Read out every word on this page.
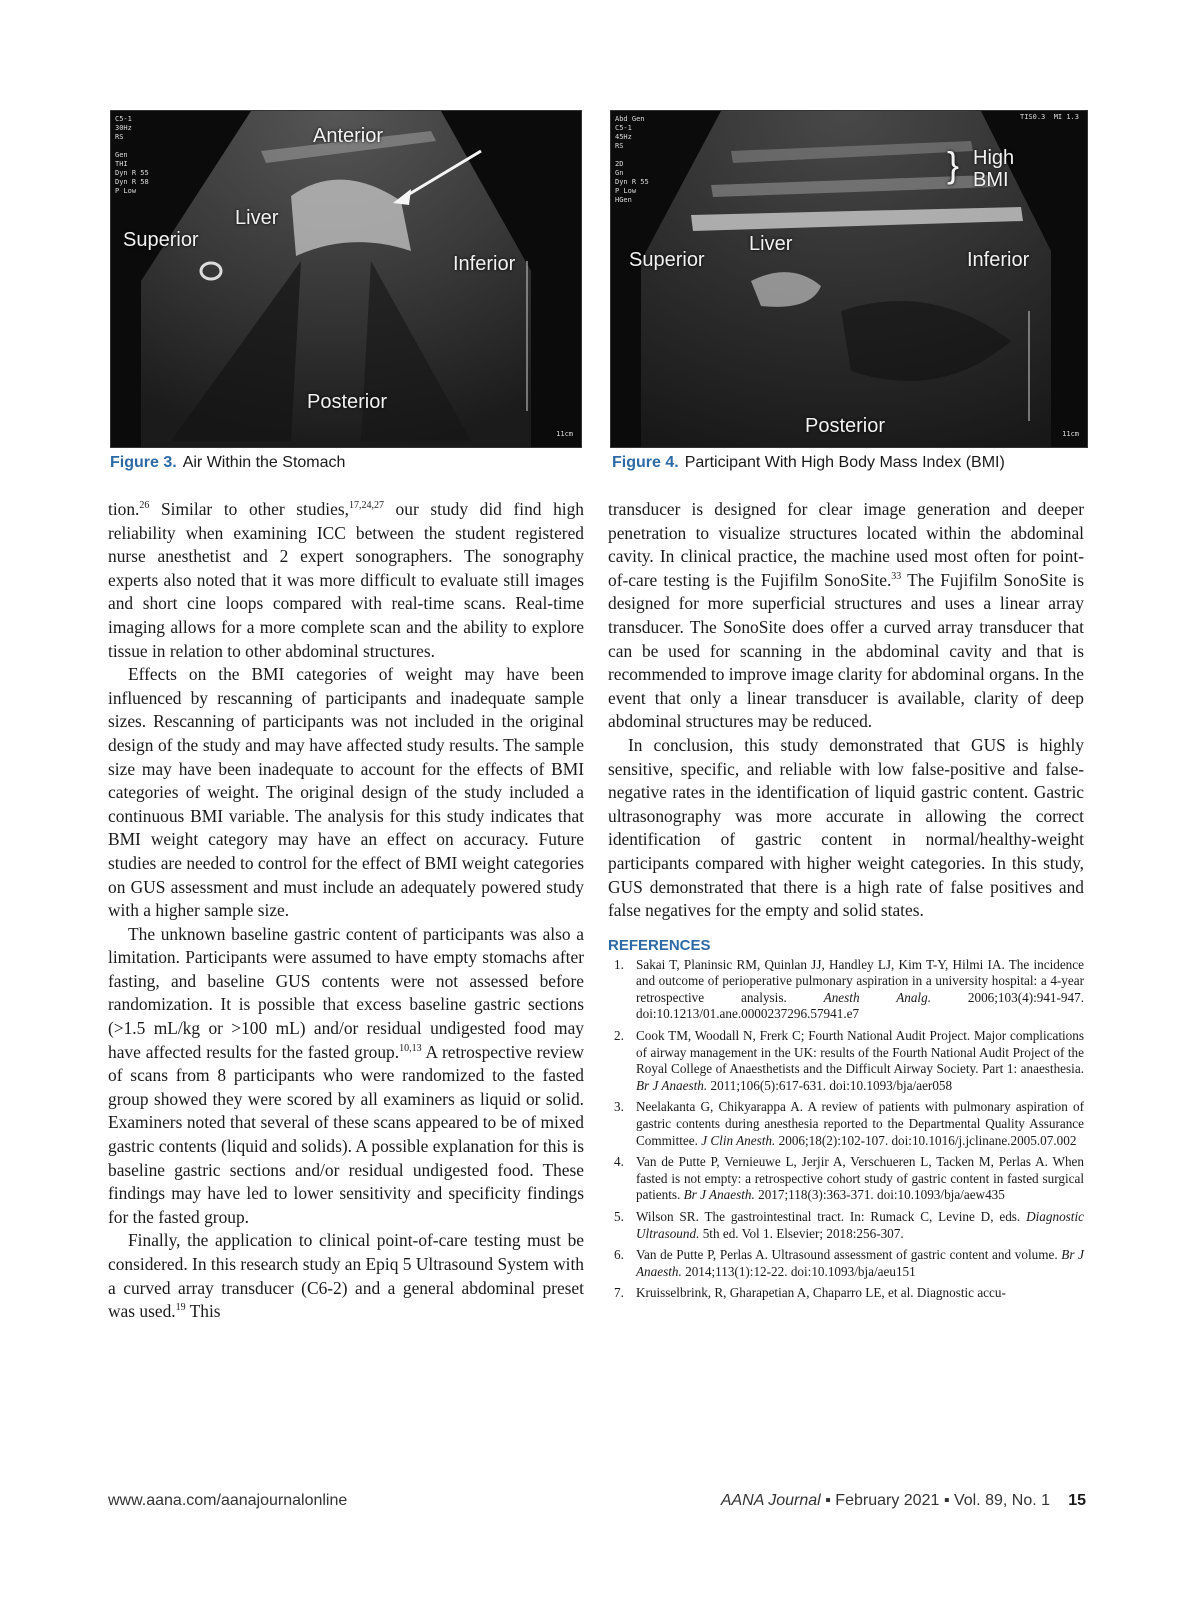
C5-1
30Hz
RS

Gen
THI
Dyn R 55
Dyn R 58
P Low
11cm
Anterior
Liver
Superior
Inferior
Posterior
Figure 3. Air Within the Stomach
Abd Gen
C5-1
45Hz
RS

2D
Gn
Dyn R 55
P Low
HGen
TIS0.3  MI 1.3
11cm
} High
BMI
Liver
Superior	Inferior
Posterior
Figure 4. Participant With High Body Mass Index (BMI)

tion.$^{26}$ Similar to other studies,$^{17,24,27}$ our study did find high reliability when examining ICC between the student registered nurse anesthetist and 2 expert sonographers. The sonography experts also noted that it was more difficult to evaluate still images and short cine loops compared with real-time scans. Real-time imaging allows for a more complete scan and the ability to explore tissue in relation to other abdominal structures.

Effects on the BMI categories of weight may have been influenced by rescanning of participants and inadequate sample sizes. Rescanning of participants was not included in the original design of the study and may have affected study results. The sample size may have been inadequate to account for the effects of BMI categories of weight. The original design of the study included a continuous BMI variable. The analysis for this study indicates that BMI weight category may have an effect on accuracy. Future studies are needed to control for the effect of BMI weight categories on GUS assessment and must include an adequately powered study with a higher sample size.

The unknown baseline gastric content of participants was also a limitation. Participants were assumed to have empty stomachs after fasting, and baseline GUS contents were not assessed before randomization. It is possible that excess baseline gastric sections (>1.5 mL/kg or >100 mL) and/or residual undigested food may have affected results for the fasted group.$^{10,13}$ A retrospective review of scans from 8 participants who were randomized to the fasted group showed they were scored by all examiners as liquid or solid. Examiners noted that several of these scans appeared to be of mixed gastric contents (liquid and solids). A possible explanation for this is baseline gastric sections and/or residual undigested food. These findings may have led to lower sensitivity and specificity findings for the fasted group.

Finally, the application to clinical point-of-care testing must be considered. In this research study an Epiq 5 Ultrasound System with a curved array transducer (C6-2) and a general abdominal preset was used.$^{19}$ This

transducer is designed for clear image generation and deeper penetration to visualize structures located within the abdominal cavity. In clinical practice, the machine used most often for point-of-care testing is the Fujifilm SonoSite.$^{33}$ The Fujifilm SonoSite is designed for more superficial structures and uses a linear array transducer. The SonoSite does offer a curved array transducer that can be used for scanning in the abdominal cavity and that is recommended to improve image clarity for abdominal organs. In the event that only a linear transducer is available, clarity of deep abdominal structures may be reduced.

In conclusion, this study demonstrated that GUS is highly sensitive, specific, and reliable with low false-positive and false-negative rates in the identification of liquid gastric content. Gastric ultrasonography was more accurate in allowing the correct identification of gastric content in normal/healthy-weight participants compared with higher weight categories. In this study, GUS demonstrated that there is a high rate of false positives and false negatives for the empty and solid states.

REFERENCES
1. Sakai T, Planinsic RM, Quinlan JJ, Handley LJ, Kim T-Y, Hilmi IA. The incidence and outcome of perioperative pulmonary aspiration in a university hospital: a 4-year retrospective analysis. Anesth Analg. 2006;103(4):941-947. doi:10.1213/01.ane.0000237296.57941.e7
2. Cook TM, Woodall N, Frerk C; Fourth National Audit Project. Major complications of airway management in the UK: results of the Fourth National Audit Project of the Royal College of Anaesthetists and the Difficult Airway Society. Part 1: anaesthesia. Br J Anaesth. 2011;106(5):617-631. doi:10.1093/bja/aer058
3. Neelakanta G, Chikyarappa A. A review of patients with pulmonary aspiration of gastric contents during anesthesia reported to the Departmental Quality Assurance Committee. J Clin Anesth. 2006;18(2):102-107. doi:10.1016/j.jclinane.2005.07.002
4. Van de Putte P, Vernieuwe L, Jerjir A, Verschueren L, Tacken M, Perlas A. When fasted is not empty: a retrospective cohort study of gastric content in fasted surgical patients. Br J Anaesth. 2017;118(3):363-371. doi:10.1093/bja/aew435
5. Wilson SR. The gastrointestinal tract. In: Rumack C, Levine D, eds. Diagnostic Ultrasound. 5th ed. Vol 1. Elsevier; 2018:256-307.
6. Van de Putte P, Perlas A. Ultrasound assessment of gastric content and volume. Br J Anaesth. 2014;113(1):12-22. doi:10.1093/bja/aeu151
7. Kruisselbrink, R, Gharapetian A, Chaparro LE, et al. Diagnostic accu-
www.aana.com/aanajournalonline	AANA Journal ▪ February 2021 ▪ Vol. 89, No. 1 15
